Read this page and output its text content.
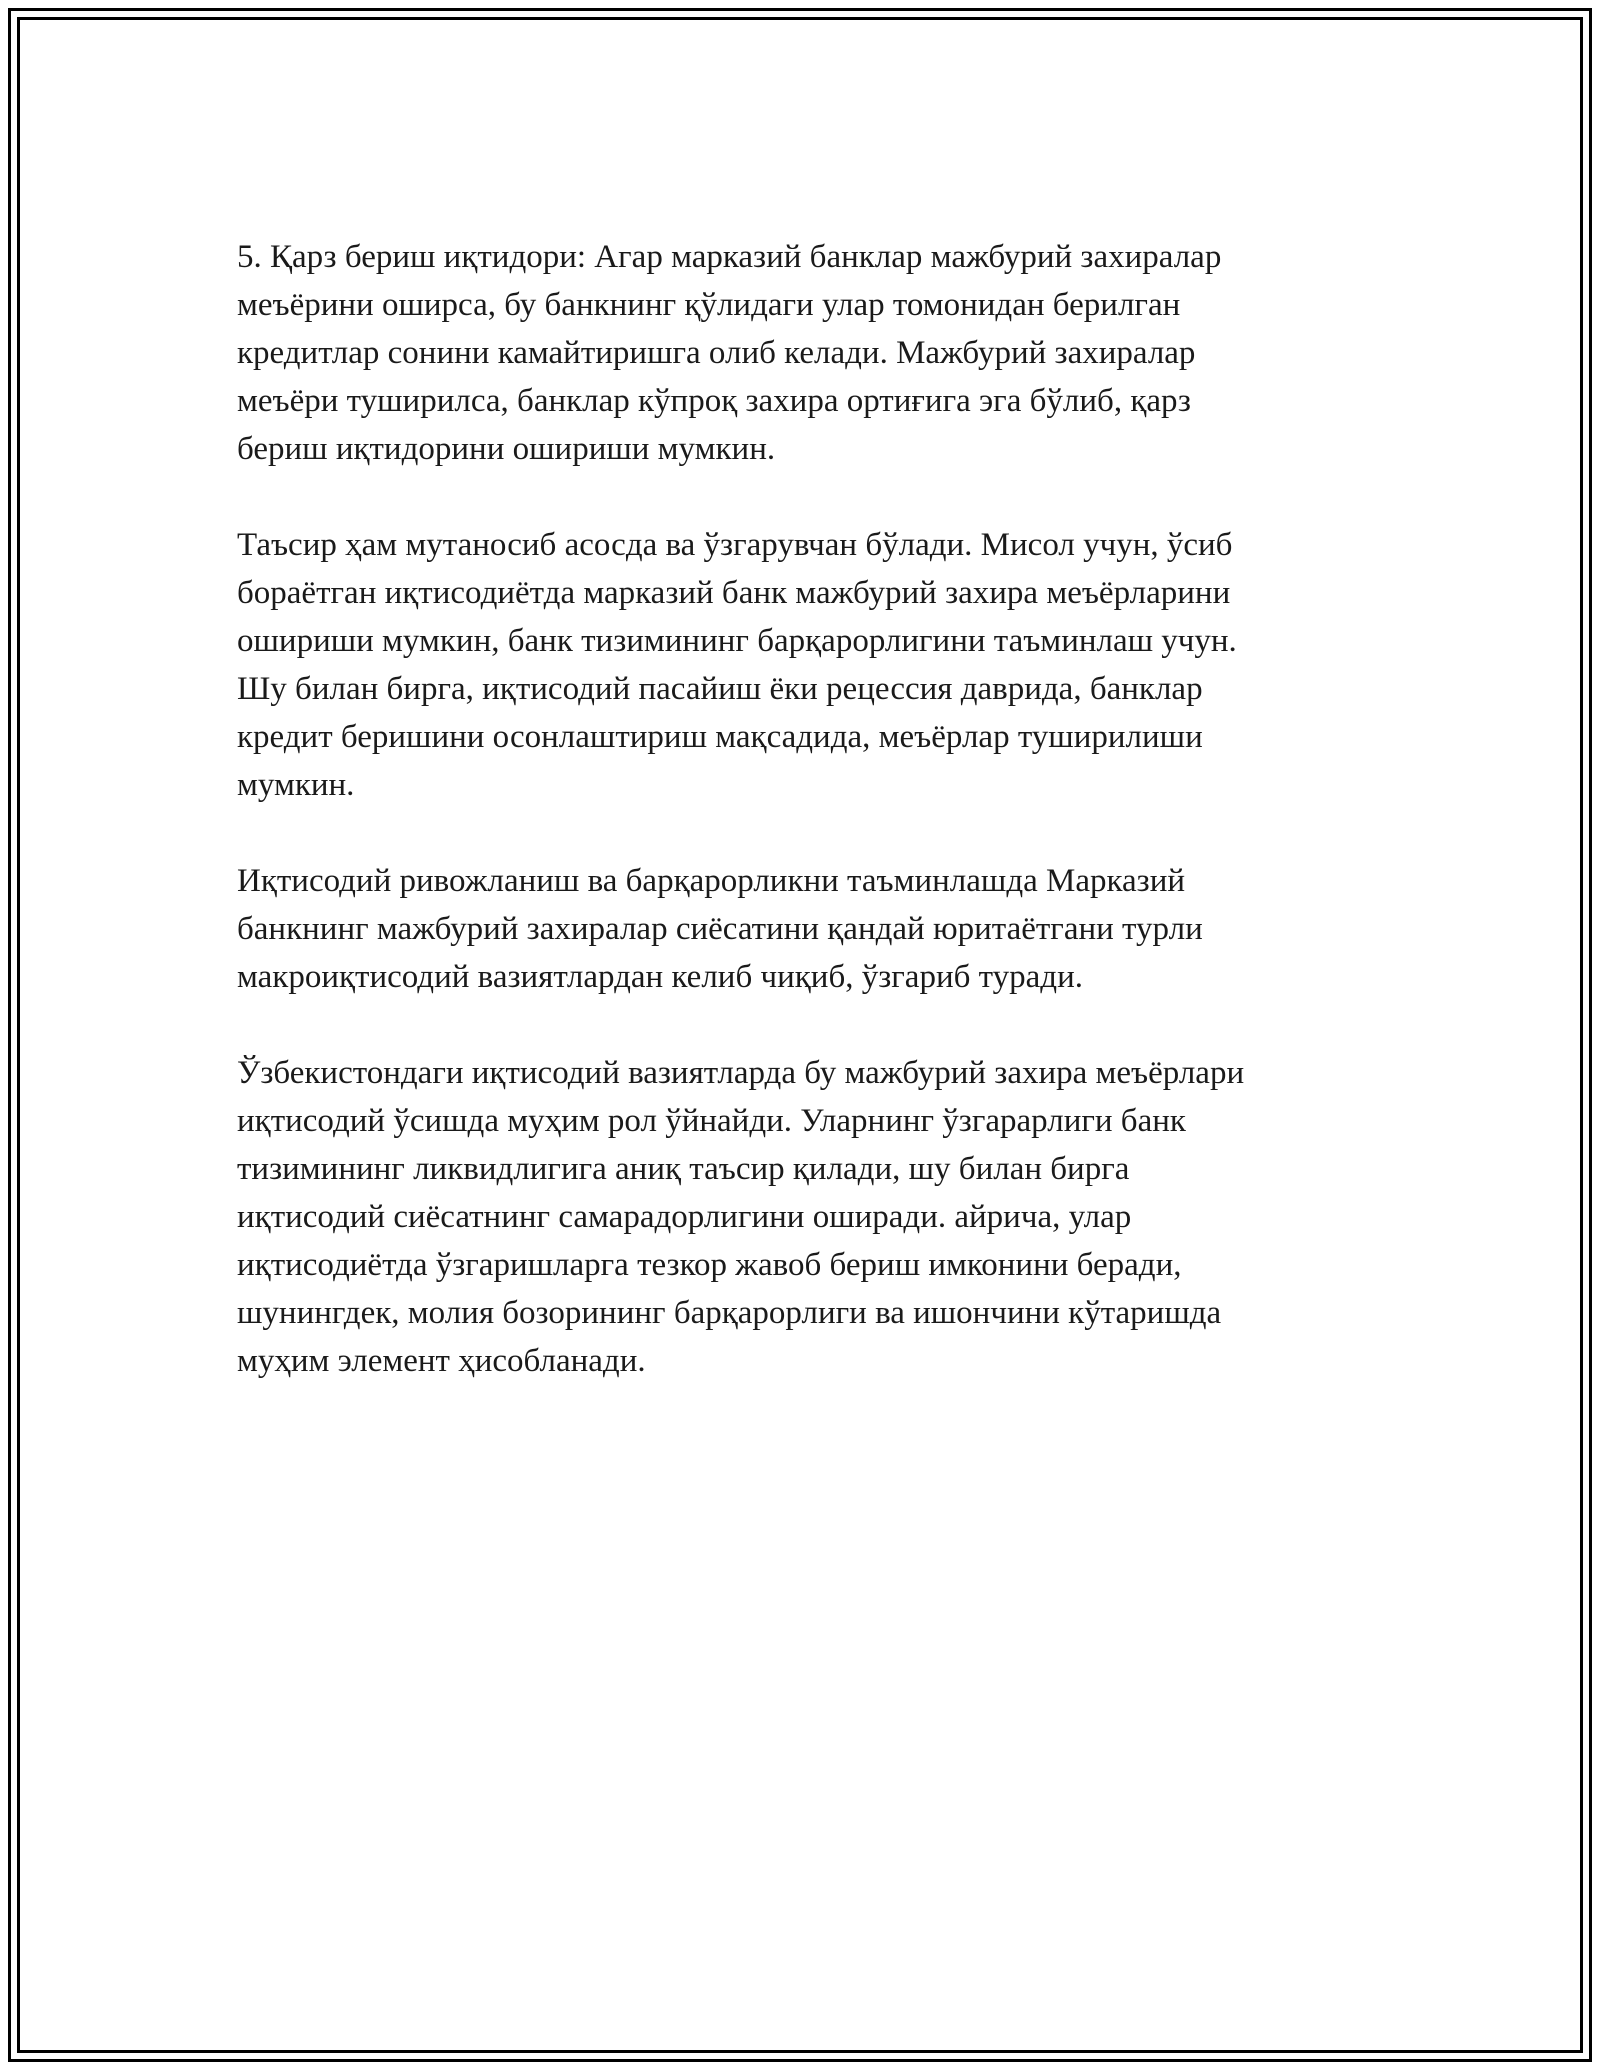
5. Қарз бериш иқтидори: Агар марказий банклар мажбурий захиралар
меъёрини оширса, бу банкнинг қўлидаги улар томонидан берилган
кредитлар сонини камайтиришга олиб келади. Мажбурий захиралар
меъёри туширилса, банклар кўпроқ захира ортиғига эга бўлиб, қарз
бериш иқтидорини ошириши мумкин.

Таъсир ҳам мутаносиб асосда ва ўзгарувчан бўлади. Мисол учун, ўсиб
бораётган иқтисодиётда марказий банк мажбурий захира меъёрларини
ошириши мумкин, банк тизимининг барқарорлигини таъминлаш учун.
Шу билан бирга, иқтисодий пасайиш ёки рецессия даврида, банклар
кредит беришини осонлаштириш мақсадида, меъёрлар туширилиши
мумкин.

Иқтисодий ривожланиш ва барқарорликни таъминлашда Марказий
банкнинг мажбурий захиралар сиёсатини қандай юритаётгани турли
макроиқтисодий вазиятлардан келиб чиқиб, ўзгариб туради.

Ўзбекистондаги иқтисодий вазиятларда бу мажбурий захира меъёрлари
иқтисодий ўсишда муҳим рол ўйнайди. Уларнинг ўзгарарлиги банк
тизимининг ликвидлигига аниқ таъсир қилади, шу билан бирга
иқтисодий сиёсатнинг самарадорлигини оширади. айрича, улар
иқтисодиётда ўзгаришларга тезкор жавоб бериш имконини беради,
шунингдек, молия бозорининг барқарорлиги ва ишончини кўтаришда
муҳим элемент ҳисобланади.
